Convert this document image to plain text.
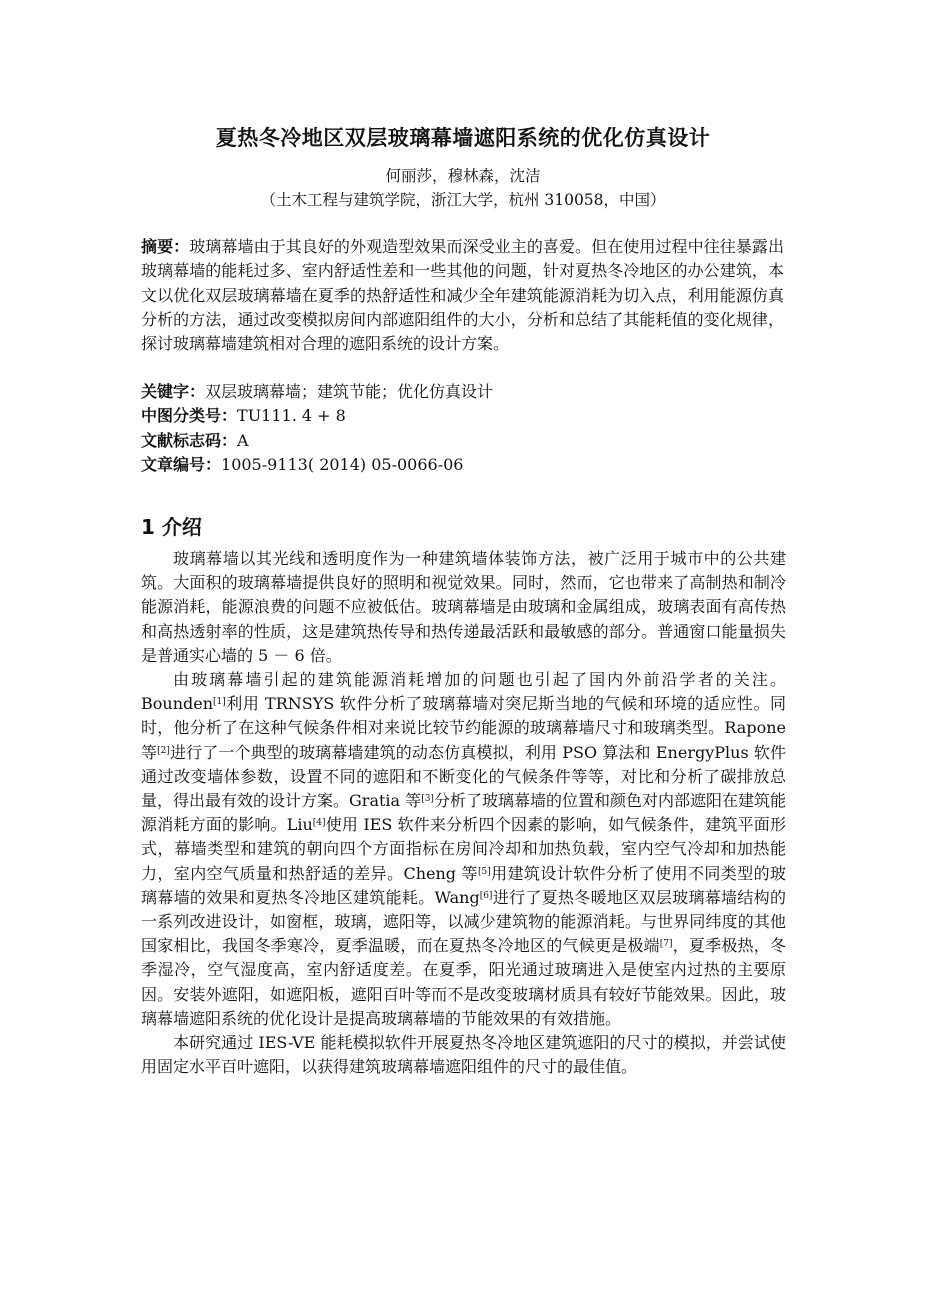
夏热冬冷地区双层玻璃幕墙遮阳系统的优化仿真设计
何丽莎，穆林森，沈洁
（土木工程与建筑学院，浙江大学，杭州 310058，中国）
摘要：玻璃幕墙由于其良好的外观造型效果而深受业主的喜爱。但在使用过程中往往暴露出玻璃幕墙的能耗过多、室内舒适性差和一些其他的问题，针对夏热冬冷地区的办公建筑，本文以优化双层玻璃幕墙在夏季的热舒适性和减少全年建筑能源消耗为切入点，利用能源仿真分析的方法，通过改变模拟房间内部遮阳组件的大小，分析和总结了其能耗值的变化规律，探讨玻璃幕墙建筑相对合理的遮阳系统的设计方案。
关键字：双层玻璃幕墙；建筑节能；优化仿真设计
中图分类号：TU111. 4 + 8
文献标志码：A
文章编号：1005-9113( 2014) 05-0066-06
1 介绍

玻璃幕墙以其光线和透明度作为一种建筑墙体装饰方法，被广泛用于城市中的公共建筑。大面积的玻璃幕墙提供良好的照明和视觉效果。同时，然而，它也带来了高制热和制冷能源消耗，能源浪费的问题不应被低估。玻璃幕墙是由玻璃和金属组成，玻璃表面有高传热和高热透射率的性质，这是建筑热传导和热传递最活跃和最敏感的部分。普通窗口能量损失是普通实心墙的 5 － 6 倍。

由玻璃幕墙引起的建筑能源消耗增加的问题也引起了国内外前沿学者的关注。Bounden[1]利用 TRNSYS 软件分析了玻璃幕墙对突尼斯当地的气候和环境的适应性。同时，他分析了在这种气候条件相对来说比较节约能源的玻璃幕墙尺寸和玻璃类型。Rapone 等[2]进行了一个典型的玻璃幕墙建筑的动态仿真模拟，利用 PSO 算法和 EnergyPlus 软件通过改变墙体参数，设置不同的遮阳和不断变化的气候条件等等，对比和分析了碳排放总量，得出最有效的设计方案。Gratia 等[3]分析了玻璃幕墙的位置和颜色对内部遮阳在建筑能源消耗方面的影响。Liu[4]使用 IES 软件来分析四个因素的影响，如气候条件，建筑平面形式，幕墙类型和建筑的朝向四个方面指标在房间冷却和加热负载，室内空气冷却和加热能力，室内空气质量和热舒适的差异。Cheng 等[5]用建筑设计软件分析了使用不同类型的玻璃幕墙的效果和夏热冬冷地区建筑能耗。Wang[6]进行了夏热冬暖地区双层玻璃幕墙结构的一系列改进设计，如窗框，玻璃，遮阳等，以减少建筑物的能源消耗。与世界同纬度的其他国家相比，我国冬季寒冷，夏季温暖，而在夏热冬冷地区的气候更是极端[7]，夏季极热，冬季湿冷，空气湿度高，室内舒适度差。在夏季，阳光通过玻璃进入是使室内过热的主要原因。安装外遮阳，如遮阳板，遮阳百叶等而不是改变玻璃材质具有较好节能效果。因此，玻璃幕墙遮阳系统的优化设计是提高玻璃幕墙的节能效果的有效措施。

本研究通过 IES-VE 能耗模拟软件开展夏热冬冷地区建筑遮阳的尺寸的模拟，并尝试使用固定水平百叶遮阳，以获得建筑玻璃幕墙遮阳组件的尺寸的最佳值。
